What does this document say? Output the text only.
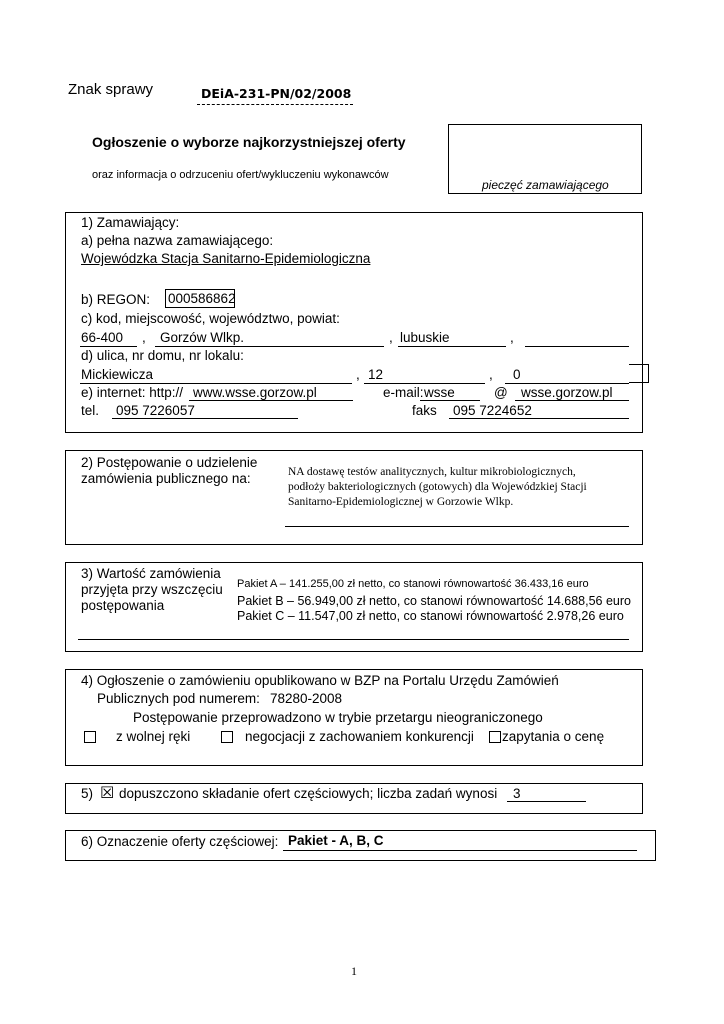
Znak sprawy	DEiA-231-PN/02/2008
Ogłoszenie o wyborze najkorzystniejszej oferty
oraz informacja o odrzuceniu ofert/wykluczeniu wykonawców
pieczęć zamawiającego
1) Zamawiający:
a) pełna nazwa zamawiającego:
Wojewódzka Stacja Sanitarno-Epidemiologiczna
b) REGON: 000586862
c) kod, miejscowość, województwo, powiat:
66-400 , Gorzów Wlkp.	, lubuskie	,
d) ulica, nr domu, nr lokalu:
Mickiewicza	, 12	, 0
e) internet: http:// www.wsse.gorzow.pl	e-mail: wsse	@ wsse.gorzow.pl
tel. 095 7226057	faks 095 7224652
2) Postępowanie o udzielenie
zamówienia publicznego na:	NA dostawę testów analitycznych, kultur mikrobiologicznych,
podłoży bakteriologicznych (gotowych) dla Wojewódzkiej Stacji
Sanitarno-Epidemiologicznej w Gorzowie Wlkp.
3) Wartość zamówienia
przyjęta przy wszczęciu
postępowania
Pakiet A – 141.255,00 zł netto, co stanowi równowartość 36.433,16 euro
Pakiet B – 56.949,00 zł netto, co stanowi równowartość 14.688,56 euro
Pakiet C – 11.547,00 zł netto, co stanowi równowartość 2.978,26 euro
4) Ogłoszenie o zamówieniu opublikowano w BZP na Portalu Urzędu Zamówień
Publicznych pod numerem: 78280-2008
Postępowanie przeprowadzono w trybie przetargu nieograniczonego
z wolnej ręki	negocjacji z zachowaniem konkurencji zapytania o cenę
5) ☒ dopuszczono składanie ofert częściowych; liczba zadań wynosi 3
6) Oznaczenie oferty częściowej: Pakiet - A, B, C
1
